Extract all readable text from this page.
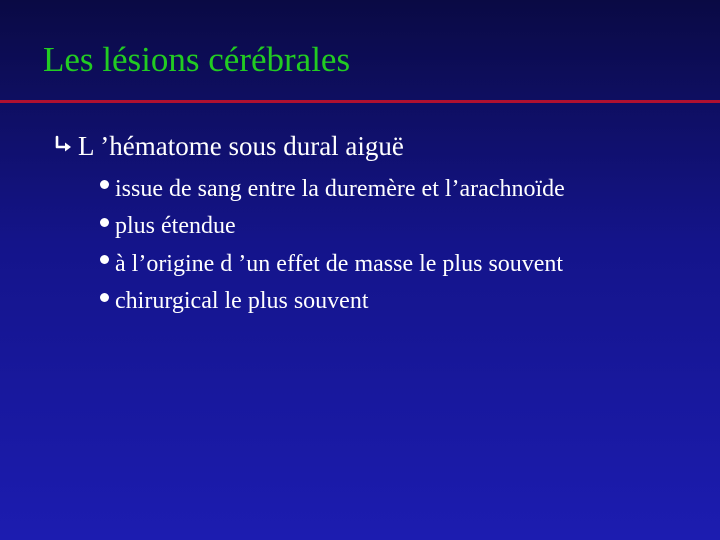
Les lésions cérébrales
L ’hématome sous dural aiguë
issue de sang entre la duremère et l’arachnoïde
plus étendue
à l’origine d ’un effet de masse le plus souvent
chirurgical le plus souvent
